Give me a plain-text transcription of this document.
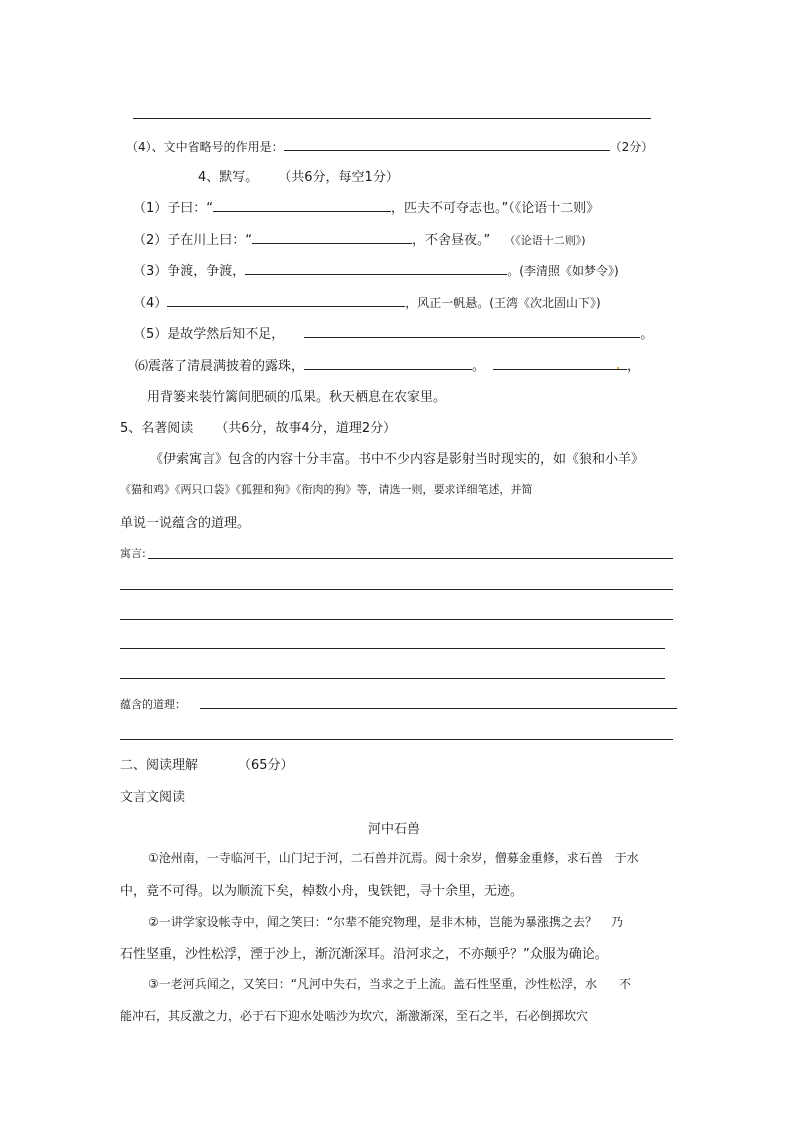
（4）、文中省略号的作用是：	（2分）
4、默写。 （共6分，每空1分）
（1）子曰：“	，匹夫不可夺志也。”（《论语十二则》
（2）子在川上曰：“	，不舍昼夜。” （《论语十二则》)
（3）争渡，争渡，	。(李清照《如梦令》)
（4）	，风正一帆悬。(王湾《次北固山下》)
（5）是故学然后知不足，	。
⑹震落了清晨满披着的露珠，	。	，
用背篓来装竹篱间肥硕的瓜果。秋天栖息在农家里。
5、名著阅读 （共6分，故事4分，道理2分）
《伊索寓言》包含的内容十分丰富。书中不少内容是影射当时现实的，如《狼和小羊》
《猫和鸡》《两只口袋》《狐狸和狗》《衔肉的狗》等，请选一则，要求详细笔述，并简
单说一说蕴含的道理。
寓言:
蕴含的道理：
二、阅读理解	（65分）
文言文阅读
河中石兽
①沧州南，一寺临河干，山门圮于河，二石兽并沉焉。阅十余岁，僧募金重修，求石兽 于水
中，竟不可得。以为顺流下矣，棹数小舟，曳铁钯，寻十余里，无迹。
②一讲学家设帐寺中，闻之笑曰：“尔辈不能究物理，是非木杮，岂能为暴涨携之去？ 乃
石性坚重，沙性松浮，湮于沙上，渐沉渐深耳。沿河求之，不亦颠乎？”众服为确论。
③一老河兵闻之，又笑曰：“凡河中失石，当求之于上流。盖石性坚重，沙性松浮，水 不
能冲石，其反激之力，必于石下迎水处啮沙为坎穴，渐激渐深，至石之半，石必倒掷坎穴
